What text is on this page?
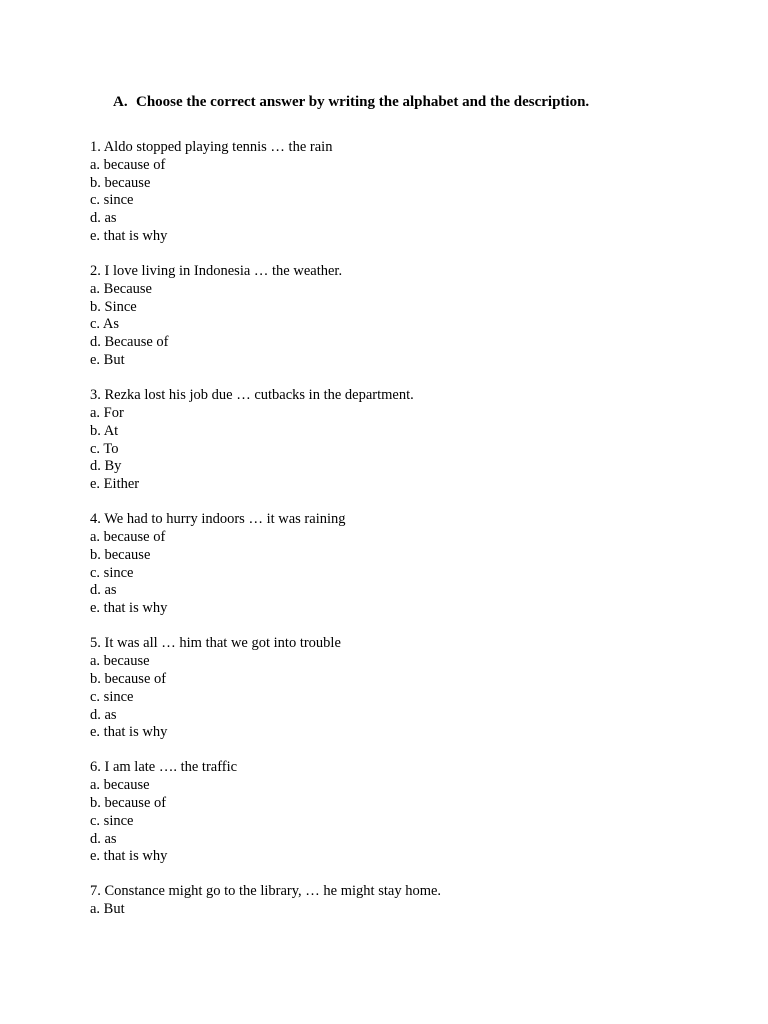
A. Choose the correct answer by writing the alphabet and the description.
1. Aldo stopped playing tennis … the rain
a. because of
b. because
c. since
d. as
e. that is why
2. I love living in Indonesia … the weather.
a. Because
b. Since
c. As
d. Because of
e. But
3. Rezka lost his job due … cutbacks in the department.
a. For
b. At
c. To
d. By
e. Either
4. We had to hurry indoors … it was raining
a. because of
b. because
c. since
d. as
e. that is why
5. It was all … him that we got into trouble
a. because
b. because of
c. since
d. as
e. that is why
6. I am late …. the traffic
a. because
b. because of
c. since
d. as
e. that is why
7. Constance might go to the library, … he might stay home.
a. But
